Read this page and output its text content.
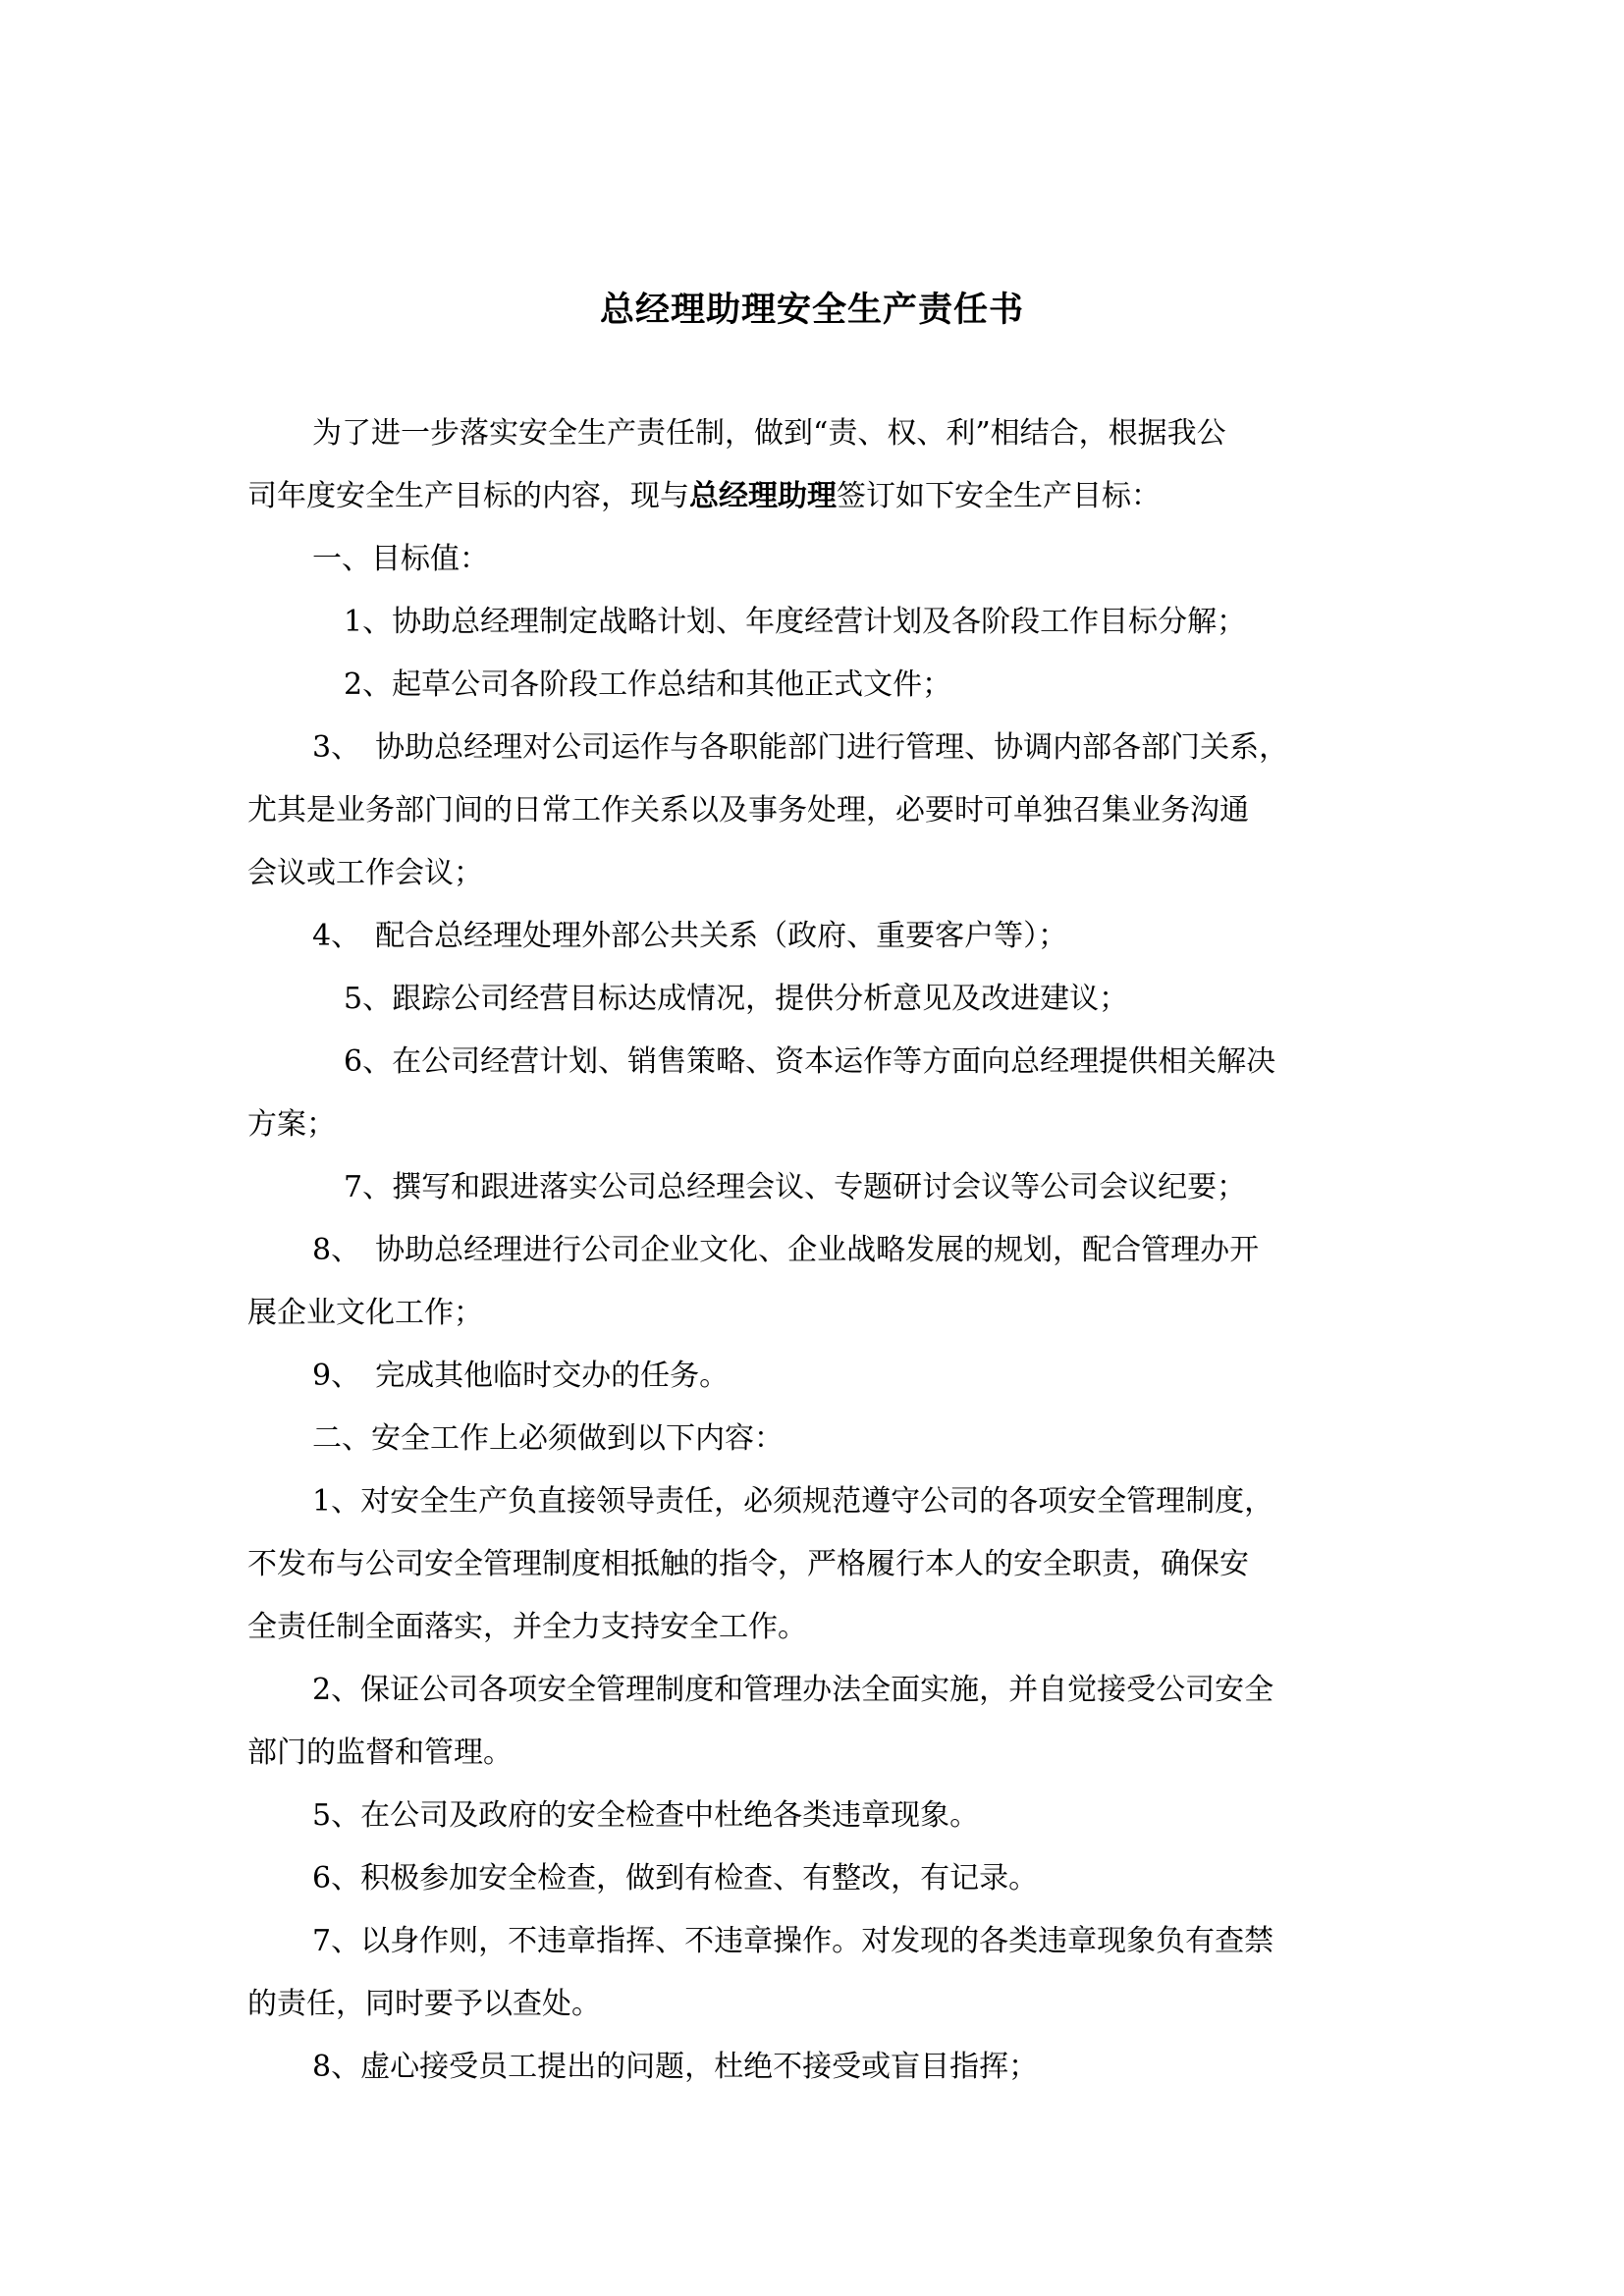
总经理助理安全生产责任书
为了进一步落实安全生产责任制，做到“责、权、利”相结合，根据我公
司年度安全生产目标的内容，现与总经理助理签订如下安全生产目标：
一、目标值：
1、协助总经理制定战略计划、年度经营计划及各阶段工作目标分解；
2、起草公司各阶段工作总结和其他正式文件；
3、　协助总经理对公司运作与各职能部门进行管理、协调内部各部门关系，
尤其是业务部门间的日常工作关系以及事务处理，必要时可单独召集业务沟通
会议或工作会议；
4、　配合总经理处理外部公共关系（政府、重要客户等）；
5、跟踪公司经营目标达成情况，提供分析意见及改进建议；
6、在公司经营计划、销售策略、资本运作等方面向总经理提供相关解决
方案；
7、撰写和跟进落实公司总经理会议、专题研讨会议等公司会议纪要；
8、　协助总经理进行公司企业文化、企业战略发展的规划，配合管理办开
展企业文化工作；
9、　完成其他临时交办的任务。
二、安全工作上必须做到以下内容：
1、对安全生产负直接领导责任，必须规范遵守公司的各项安全管理制度，
不发布与公司安全管理制度相抵触的指令，严格履行本人的安全职责，确保安
全责任制全面落实，并全力支持安全工作。
2、保证公司各项安全管理制度和管理办法全面实施，并自觉接受公司安全
部门的监督和管理。
5、在公司及政府的安全检查中杜绝各类违章现象。
6、积极参加安全检查，做到有检查、有整改，有记录。
7、以身作则，不违章指挥、不违章操作。对发现的各类违章现象负有查禁
的责任，同时要予以查处。
8、虚心接受员工提出的问题，杜绝不接受或盲目指挥；
